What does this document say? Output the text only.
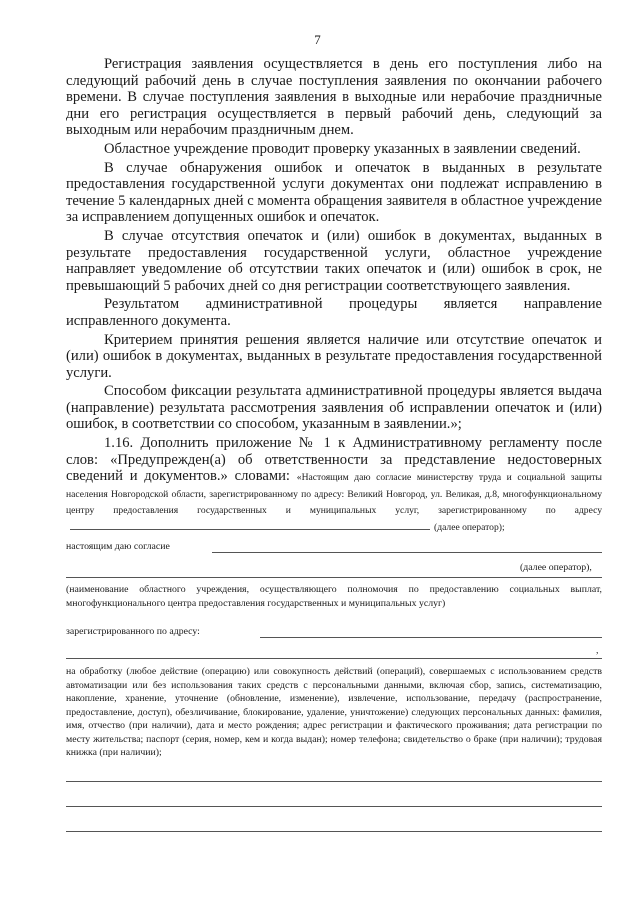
7

Регистрация заявления осуществляется в день его поступления либо на следующий рабочий день в случае поступления заявления по окончании рабочего времени. В случае поступления заявления в выходные или нерабочие праздничные дни его регистрация осуществляется в первый рабочий день, следующий за выходным или нерабочим праздничным днем.

Областное учреждение проводит проверку указанных в заявлении сведений.

В случае обнаружения ошибок и опечаток в выданных в результате предоставления государственной услуги документах они подлежат исправлению в течение 5 календарных дней с момента обращения заявителя в областное учреждение за исправлением допущенных ошибок и опечаток.

В случае отсутствия опечаток и (или) ошибок в документах, выданных в результате предоставления государственной услуги, областное учреждение направляет уведомление об отсутствии таких опечаток и (или) ошибок в срок, не превышающий 5 рабочих дней со дня регистрации соответствующего заявления.

Результатом административной процедуры является направление исправленного документа.

Критерием принятия решения является наличие или отсутствие опечаток и (или) ошибок в документах, выданных в результате предоставления государственной услуги.

Способом фиксации результата административной процедуры является выдача (направление) результата рассмотрения заявления об исправлении опечаток и (или) ошибок, в соответствии со способом, указанным в заявлении.»;

1.16. Дополнить приложение № 1 к Административному регламенту после слов: «Предупрежден(а) об ответственности за представление недостоверных сведений и документов.» словами: «Настоящим даю согласие министерству труда и социальной защиты населения Новгородской области, зарегистрированному по адресу: Великий Новгород, ул. Великая, д.8, многофункциональному центру предоставления государственных и муниципальных услуг, зарегистрированному по адресу(далее оператор);

настоящим даю согласие
(далее оператор),
(наименование областного учреждения, осуществляющего полномочия по предоставлению социальных выплат, многофункционального центра предоставления государственных и муниципальных услуг)
зарегистрированного по адресу:
,
на обработку (любое действие (операцию) или совокупность действий (операций), совершаемых с использованием средств автоматизации или без использования таких средств с персональными данными, включая сбор, запись, систематизацию, накопление, хранение, уточнение (обновление, изменение), извлечение, использование, передачу (распространение, предоставление, доступ), обезличивание, блокирование, удаление, уничтожение) следующих персональных данных: фамилия, имя, отчество (при наличии), дата и место рождения; адрес регистрации и фактического проживания; дата регистрации по месту жительства; паспорт (серия, номер, кем и когда выдан); номер телефона; свидетельство о браке (при наличии); трудовая книжка (при наличии);
